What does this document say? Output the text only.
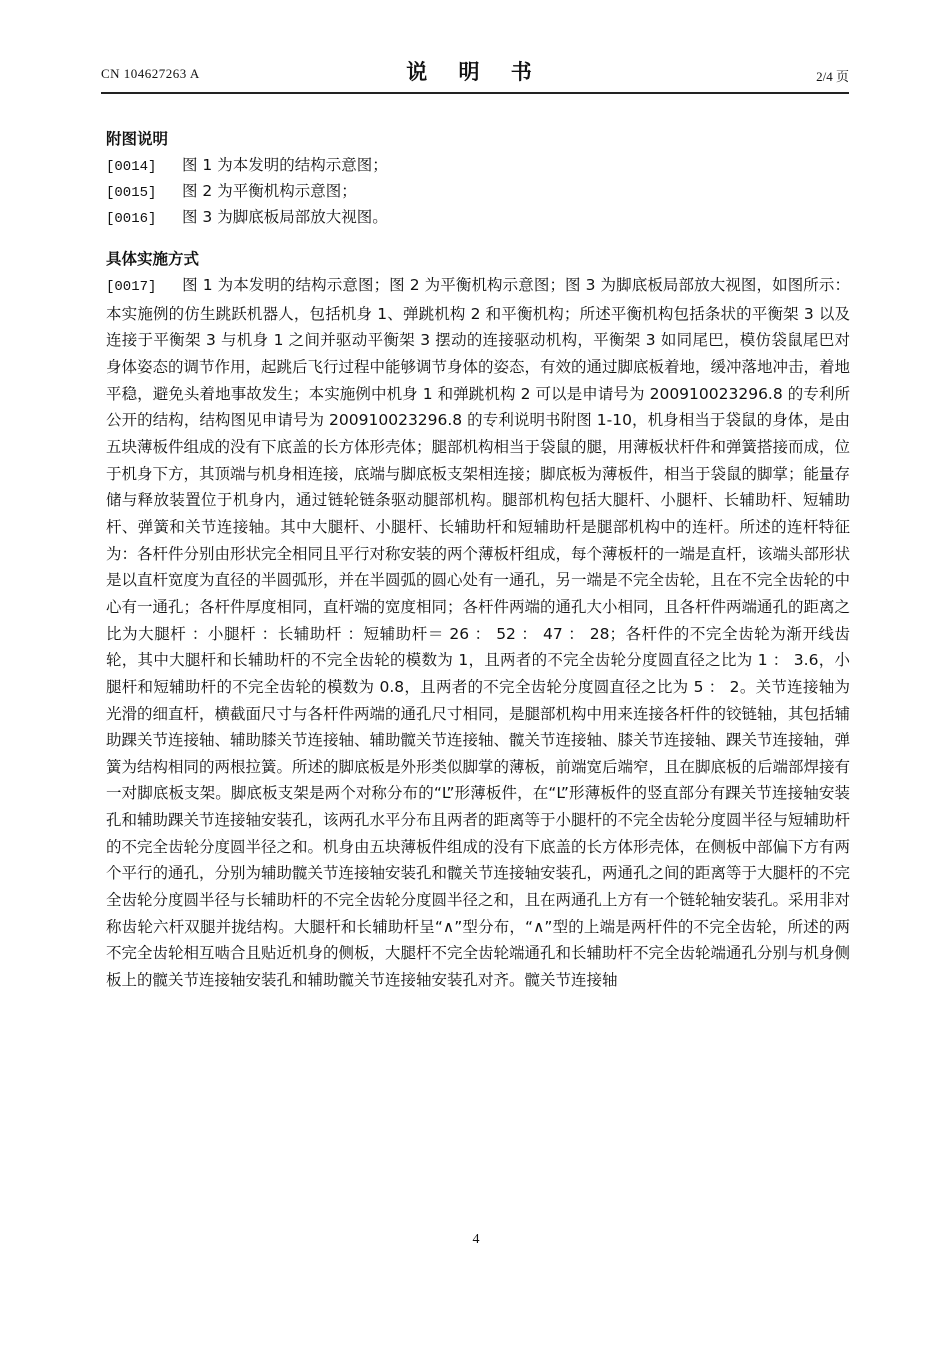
CN 104627263 A	说 明 书	2/4 页
附图说明
[0014] 图 1 为本发明的结构示意图；
[0015] 图 2 为平衡机构示意图；
[0016] 图 3 为脚底板局部放大视图。
具体实施方式

[0017] 图 1 为本发明的结构示意图；图 2 为平衡机构示意图；图 3 为脚底板局部放大视图，如图所示：本实施例的仿生跳跃机器人，包括机身 1、弹跳机构 2 和平衡机构；所述平衡机构包括条状的平衡架 3 以及连接于平衡架 3 与机身 1 之间并驱动平衡架 3 摆动的连接驱动机构，平衡架 3 如同尾巴，模仿袋鼠尾巴对身体姿态的调节作用，起跳后飞行过程中能够调节身体的姿态，有效的通过脚底板着地，缓冲落地冲击，着地平稳，避免头着地事故发生；本实施例中机身 1 和弹跳机构 2 可以是申请号为 200910023296.8 的专利所公开的结构，结构图见申请号为 200910023296.8 的专利说明书附图 1-10，机身相当于袋鼠的身体，是由五块薄板件组成的没有下底盖的长方体形壳体；腿部机构相当于袋鼠的腿，用薄板状杆件和弹簧搭接而成，位于机身下方，其顶端与机身相连接，底端与脚底板支架相连接；脚底板为薄板件，相当于袋鼠的脚掌；能量存储与释放装置位于机身内，通过链轮链条驱动腿部机构。腿部机构包括大腿杆、小腿杆、长辅助杆、短辅助杆、弹簧和关节连接轴。其中大腿杆、小腿杆、长辅助杆和短辅助杆是腿部机构中的连杆。所述的连杆特征为：各杆件分别由形状完全相同且平行对称安装的两个薄板杆组成，每个薄板杆的一端是直杆，该端头部形状是以直杆宽度为直径的半圆弧形，并在半圆弧的圆心处有一通孔，另一端是不完全齿轮，且在不完全齿轮的中心有一通孔；各杆件厚度相同，直杆端的宽度相同；各杆件两端的通孔大小相同，且各杆件两端通孔的距离之比为大腿杆 ：小腿杆 ：长辅助杆 ：短辅助杆＝ 26 ： 52 ： 47 ： 28；各杆件的不完全齿轮为渐开线齿轮，其中大腿杆和长辅助杆的不完全齿轮的模数为 1，且两者的不完全齿轮分度圆直径之比为 1 ： 3.6，小腿杆和短辅助杆的不完全齿轮的模数为 0.8，且两者的不完全齿轮分度圆直径之比为 5 ： 2。关节连接轴为光滑的细直杆，横截面尺寸与各杆件两端的通孔尺寸相同，是腿部机构中用来连接各杆件的铰链轴，其包括辅助踝关节连接轴、辅助膝关节连接轴、辅助髋关节连接轴、髋关节连接轴、膝关节连接轴、踝关节连接轴，弹簧为结构相同的两根拉簧。所述的脚底板是外形类似脚掌的薄板，前端宽后端窄，且在脚底板的后端部焊接有一对脚底板支架。脚底板支架是两个对称分布的“L”形薄板件，在“L”形薄板件的竖直部分有踝关节连接轴安装孔和辅助踝关节连接轴安装孔，该两孔水平分布且两者的距离等于小腿杆的不完全齿轮分度圆半径与短辅助杆的不完全齿轮分度圆半径之和。机身由五块薄板件组成的没有下底盖的长方体形壳体，在侧板中部偏下方有两个平行的通孔，分别为辅助髋关节连接轴安装孔和髋关节连接轴安装孔，两通孔之间的距离等于大腿杆的不完全齿轮分度圆半径与长辅助杆的不完全齿轮分度圆半径之和，且在两通孔上方有一个链轮轴安装孔。采用非对称齿轮六杆双腿并拢结构。大腿杆和长辅助杆呈“∧”型分布，“∧”型的上端是两杆件的不完全齿轮，所述的两不完全齿轮相互啮合且贴近机身的侧板，大腿杆不完全齿轮端通孔和长辅助杆不完全齿轮端通孔分别与机身侧板上的髋关节连接轴安装孔和辅助髋关节连接轴安装孔对齐。髋关节连接轴

4
